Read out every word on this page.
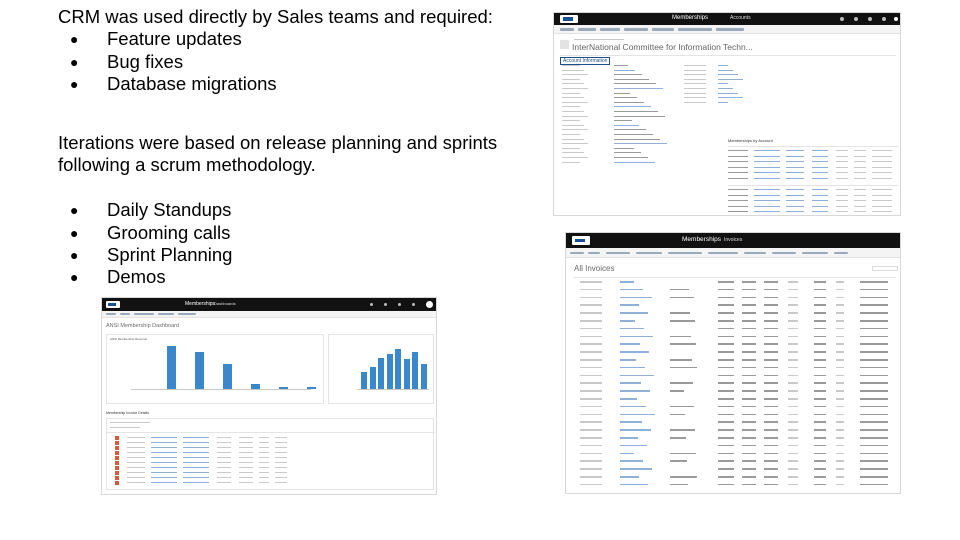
CRM was used directly by Sales teams and required:

● Feature updates
● Bug fixes
● Database migrations

Iterations were based on release planning and sprints

following a scrum methodology.

● Daily Standups
● Grooming calls
● Sprint Planning
● Demos
Memberships	Accounts
InterNational Committee for Information Techn...
Account Information
Memberships by Account
Memberships
Dashboards
ANSI Membership Dashboard
ANSI Membership Revenue
Membership Invoice Details
Memberships Invoices
All Invoices
